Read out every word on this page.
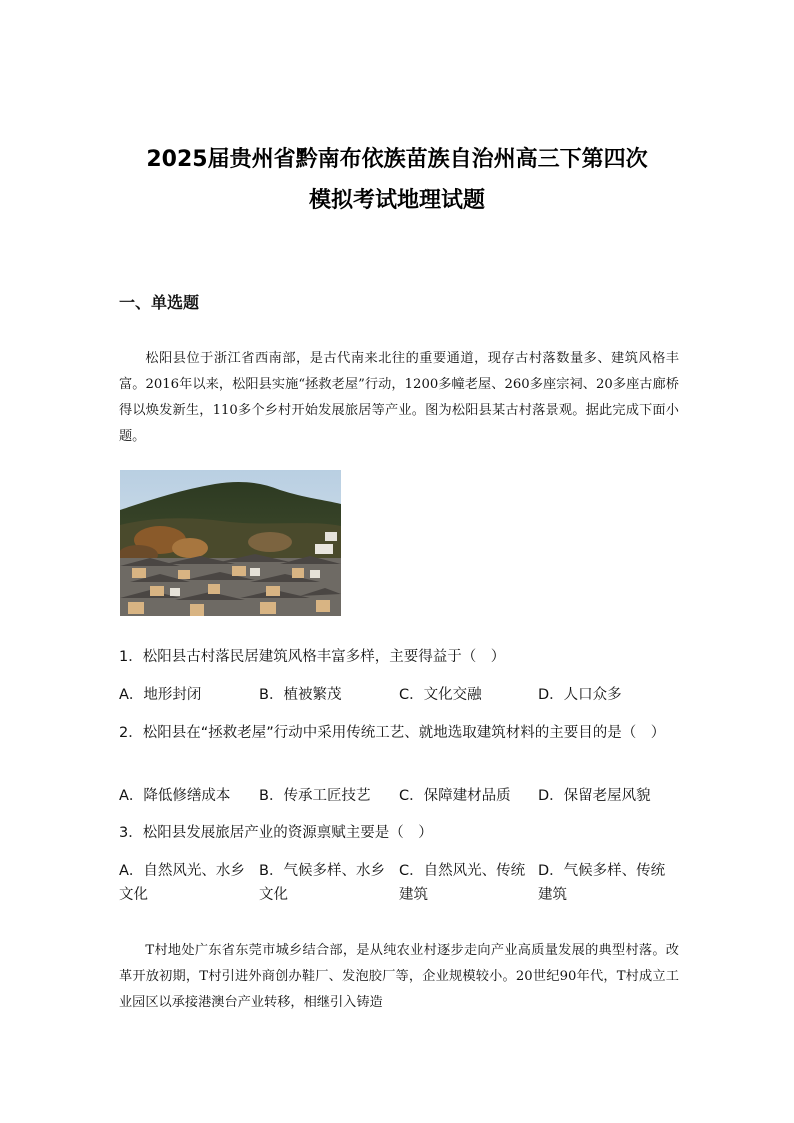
2025届贵州省黔南布依族苗族自治州高三下第四次
模拟考试地理试题
一、单选题

松阳县位于浙江省西南部，是古代南来北往的重要通道，现存古村落数量多、建筑风格丰富。2016年以来，松阳县实施“拯救老屋”行动，1200多幢老屋、260多座宗祠、20多座古廊桥得以焕发新生，110多个乡村开始发展旅居等产业。图为松阳县某古村落景观。据此完成下面小题。

1．松阳县古村落民居建筑风格丰富多样，主要得益于（　）
A．地形封闭	B．植被繁茂	C．文化交融	D．人口众多
2．松阳县在“拯救老屋”行动中采用传统工艺、就地选取建筑材料的主要目的是（　）
A．降低修缮成本 B．传承工匠技艺 C．保障建材品质 D．保留老屋风貌
3．松阳县发展旅居产业的资源禀赋主要是（　）
A．自然风光、水乡文化
B．气候多样、水乡文化
C．自然风光、传统建筑
D．气候多样、传统建筑

T村地处广东省东莞市城乡结合部，是从纯农业村逐步走向产业高质量发展的典型村落。改革开放初期，T村引进外商创办鞋厂、发泡胶厂等，企业规模较小。20世纪90年代，T村成立工业园区以承接港澳台产业转移，相继引入铸造
